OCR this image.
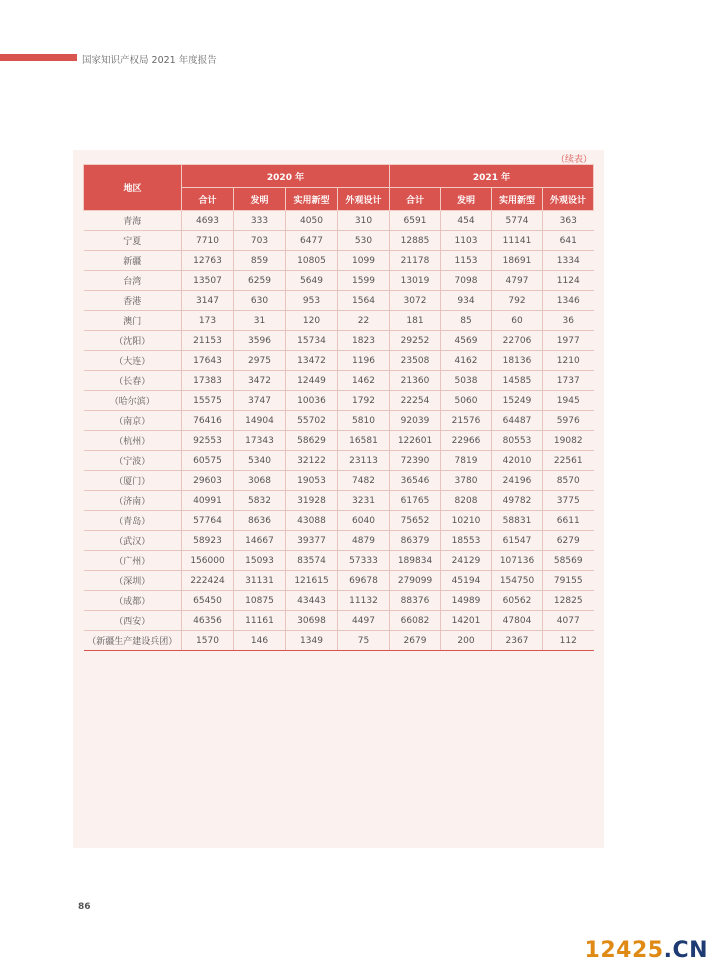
国家知识产权局 2021 年度报告
（续表）
地区	2020 年				2021 年			
	合计	发明	实用新型	外观设计	合计	发明	实用新型	外观设计
青海	4693	333	4050	310	6591	454	5774	363
宁夏	7710	703	6477	530	12885	1103	11141	641
新疆	12763	859	10805	1099	21178	1153	18691	1334
台湾	13507	6259	5649	1599	13019	7098	4797	1124
香港	3147	630	953	1564	3072	934	792	1346
澳门	173	31	120	22	181	85	60	36
（沈阳）	21153	3596	15734	1823	29252	4569	22706	1977
（大连）	17643	2975	13472	1196	23508	4162	18136	1210
（长春）	17383	3472	12449	1462	21360	5038	14585	1737
（哈尔滨）	15575	3747	10036	1792	22254	5060	15249	1945
（南京）	76416	14904	55702	5810	92039	21576	64487	5976
（杭州）	92553	17343	58629	16581	122601	22966	80553	19082
（宁波）	60575	5340	32122	23113	72390	7819	42010	22561
（厦门）	29603	3068	19053	7482	36546	3780	24196	8570
（济南）	40991	5832	31928	3231	61765	8208	49782	3775
（青岛）	57764	8636	43088	6040	75652	10210	58831	6611
（武汉）	58923	14667	39377	4879	86379	18553	61547	6279
（广州）	156000	15093	83574	57333	189834	24129	107136	58569
（深圳）	222424	31131	121615	69678	279099	45194	154750	79155
（成都）	65450	10875	43443	11132	88376	14989	60562	12825
（西安）	46356	11161	30698	4497	66082	14201	47804	4077
（新疆生产建设兵团）	1570	146	1349	75	2679	200	2367	112
86
12425.CN
